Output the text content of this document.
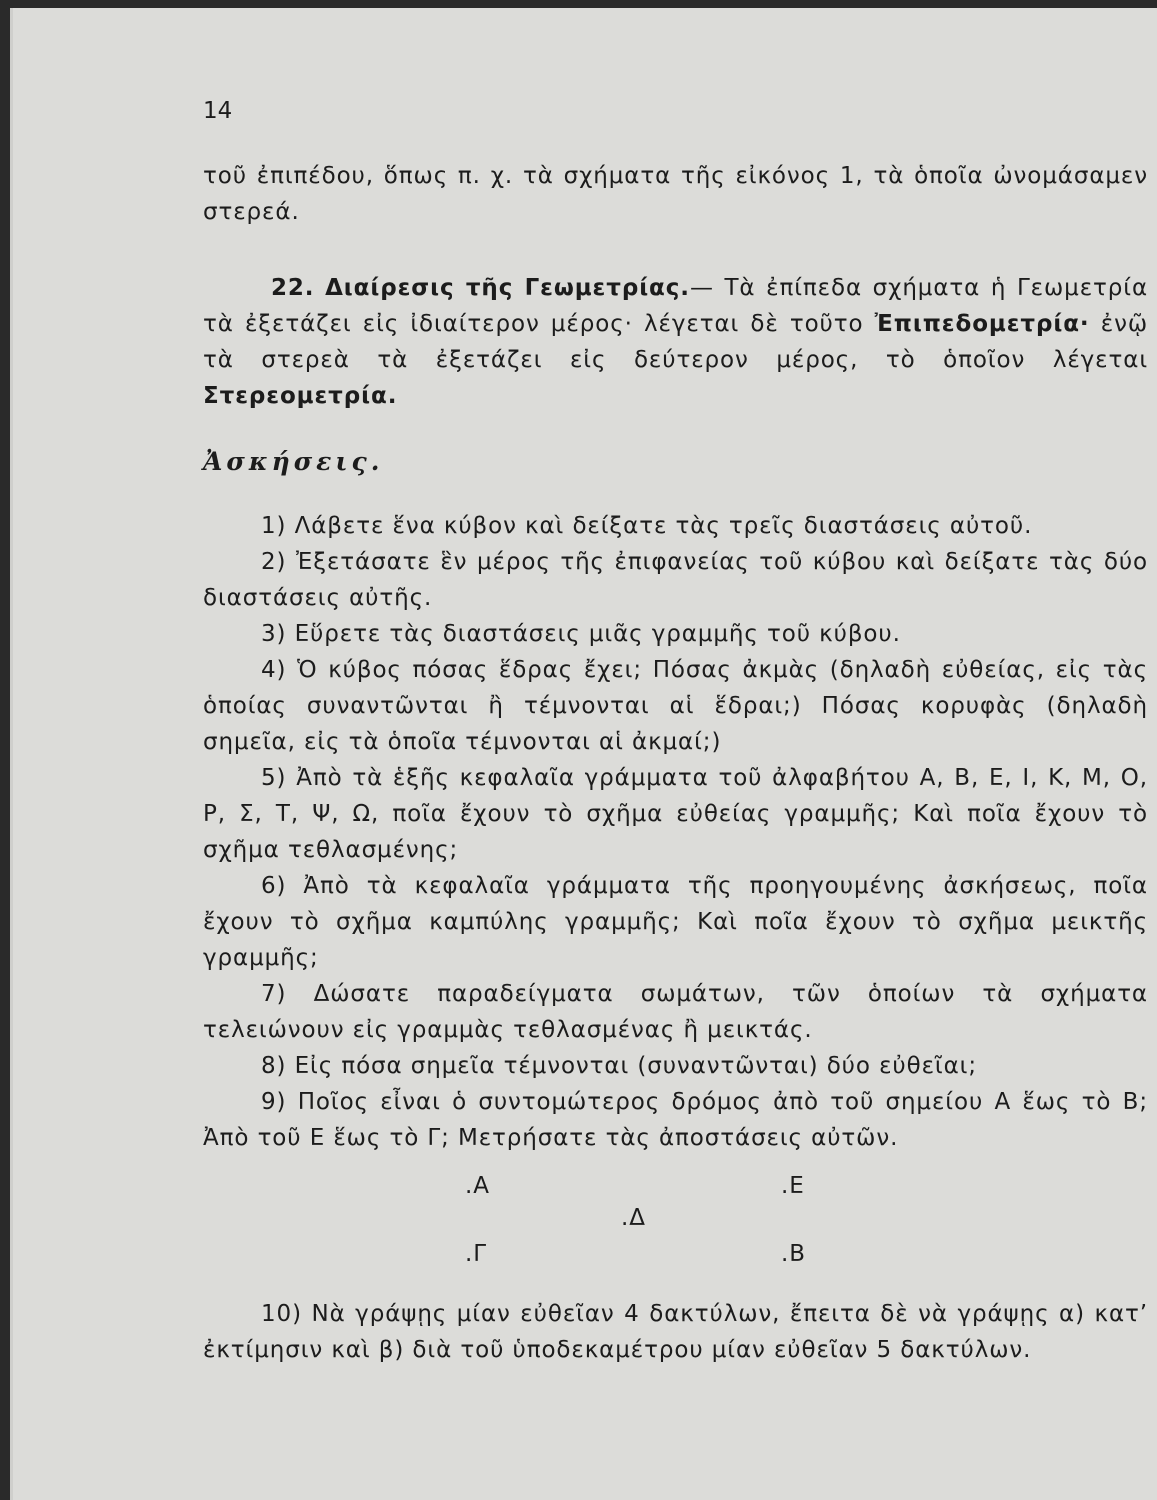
14

τοῦ ἐπιπέδου, ὅπως π. χ. τὰ σχήματα τῆς εἰκόνος 1, τὰ ὁποῖα ὠνομάσαμεν στερεά.

22. Διαίρεσις τῆς Γεωμετρίας.— Τὰ ἐπίπεδα σχήματα ἡ Γεωμετρία τὰ ἐξετάζει εἰς ἰδιαίτερον μέρος· λέγεται δὲ τοῦτο Ἐπιπεδομετρία· ἐνῷ τὰ στερεὰ τὰ ἐξετάζει εἰς δεύτερον μέρος, τὸ ὁποῖον λέγεται Στερεομετρία.

Ἀσκήσεις.

1) Λάβετε ἕνα κύβον καὶ δείξατε τὰς τρεῖς διαστάσεις αὐτοῦ.

2) Ἐξετάσατε ἓν μέρος τῆς ἐπιφανείας τοῦ κύβου καὶ δείξατε τὰς δύο διαστάσεις αὐτῆς.

3) Εὕρετε τὰς διαστάσεις μιᾶς γραμμῆς τοῦ κύβου.

4) Ὁ κύβος πόσας ἕδρας ἔχει; Πόσας ἀκμὰς (δηλαδὴ εὐθείας, εἰς τὰς ὁποίας συναντῶνται ἢ τέμνονται αἱ ἕδραι;) Πόσας κορυφὰς (δηλαδὴ σημεῖα, εἰς τὰ ὁποῖα τέμνονται αἱ ἀκμαί;)

5) Ἀπὸ τὰ ἑξῆς κεφαλαῖα γράμματα τοῦ ἀλφαβήτου Α, Β, Ε, Ι, Κ, Μ, Ο, Ρ, Σ, Τ, Ψ, Ω, ποῖα ἔχουν τὸ σχῆμα εὐθείας γραμμῆς; Καὶ ποῖα ἔχουν τὸ σχῆμα τεθλασμένης;

6) Ἀπὸ τὰ κεφαλαῖα γράμματα τῆς προηγουμένης ἀσκήσεως, ποῖα ἔχουν τὸ σχῆμα καμπύλης γραμμῆς; Καὶ ποῖα ἔχουν τὸ σχῆμα μεικτῆς γραμμῆς;

7) Δώσατε παραδείγματα σωμάτων, τῶν ὁποίων τὰ σχήματα τελειώνουν εἰς γραμμὰς τεθλασμένας ἢ μεικτάς.

8) Εἰς πόσα σημεῖα τέμνονται (συναντῶνται) δύο εὐθεῖαι;

9) Ποῖος εἶναι ὁ συντομώτερος δρόμος ἀπὸ τοῦ σημείου Α ἕως τὸ Β; Ἀπὸ τοῦ Ε ἕως τὸ Γ; Μετρήσατε τὰς ἀποστάσεις αὐτῶν.

.Α	.Ε
.Δ
.Γ	.Β

10) Νὰ γράψῃς μίαν εὐθεῖαν 4 δακτύλων, ἔπειτα δὲ νὰ γράψῃς α) κατ’ ἐκτίμησιν καὶ β) διὰ τοῦ ὑποδεκαμέτρου μίαν εὐθεῖαν 5 δακτύλων.
